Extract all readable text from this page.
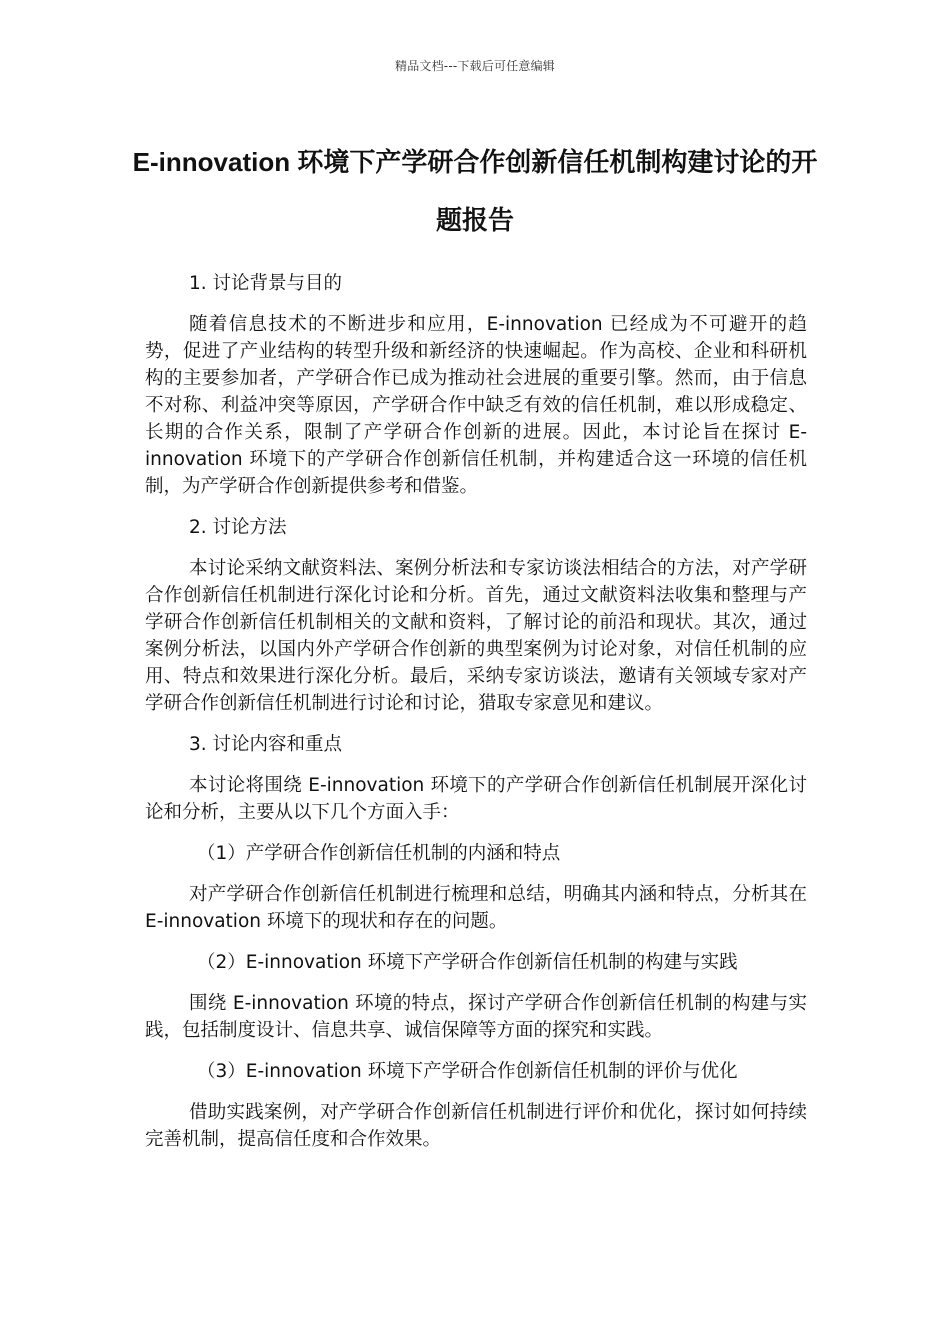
精品文档---下载后可任意编辑
E-innovation 环境下产学研合作创新信任机制构建讨论的开题报告

1. 讨论背景与目的

随着信息技术的不断进步和应用，E-innovation 已经成为不可避开的趋势，促进了产业结构的转型升级和新经济的快速崛起。作为高校、企业和科研机构的主要参加者，产学研合作已成为推动社会进展的重要引擎。然而，由于信息不对称、利益冲突等原因，产学研合作中缺乏有效的信任机制，难以形成稳定、长期的合作关系，限制了产学研合作创新的进展。因此，本讨论旨在探讨 E-innovation 环境下的产学研合作创新信任机制，并构建适合这一环境的信任机制，为产学研合作创新提供参考和借鉴。

2. 讨论方法

本讨论采纳文献资料法、案例分析法和专家访谈法相结合的方法，对产学研合作创新信任机制进行深化讨论和分析。首先，通过文献资料法收集和整理与产学研合作创新信任机制相关的文献和资料，了解讨论的前沿和现状。其次，通过案例分析法，以国内外产学研合作创新的典型案例为讨论对象，对信任机制的应用、特点和效果进行深化分析。最后，采纳专家访谈法，邀请有关领域专家对产学研合作创新信任机制进行讨论和讨论，猎取专家意见和建议。

3. 讨论内容和重点

本讨论将围绕 E-innovation 环境下的产学研合作创新信任机制展开深化讨论和分析，主要从以下几个方面入手：

（1）产学研合作创新信任机制的内涵和特点

对产学研合作创新信任机制进行梳理和总结，明确其内涵和特点，分析其在 E-innovation 环境下的现状和存在的问题。

（2）E-innovation 环境下产学研合作创新信任机制的构建与实践

围绕 E-innovation 环境的特点，探讨产学研合作创新信任机制的构建与实践，包括制度设计、信息共享、诚信保障等方面的探究和实践。

（3）E-innovation 环境下产学研合作创新信任机制的评价与优化

借助实践案例，对产学研合作创新信任机制进行评价和优化，探讨如何持续完善机制，提高信任度和合作效果。
